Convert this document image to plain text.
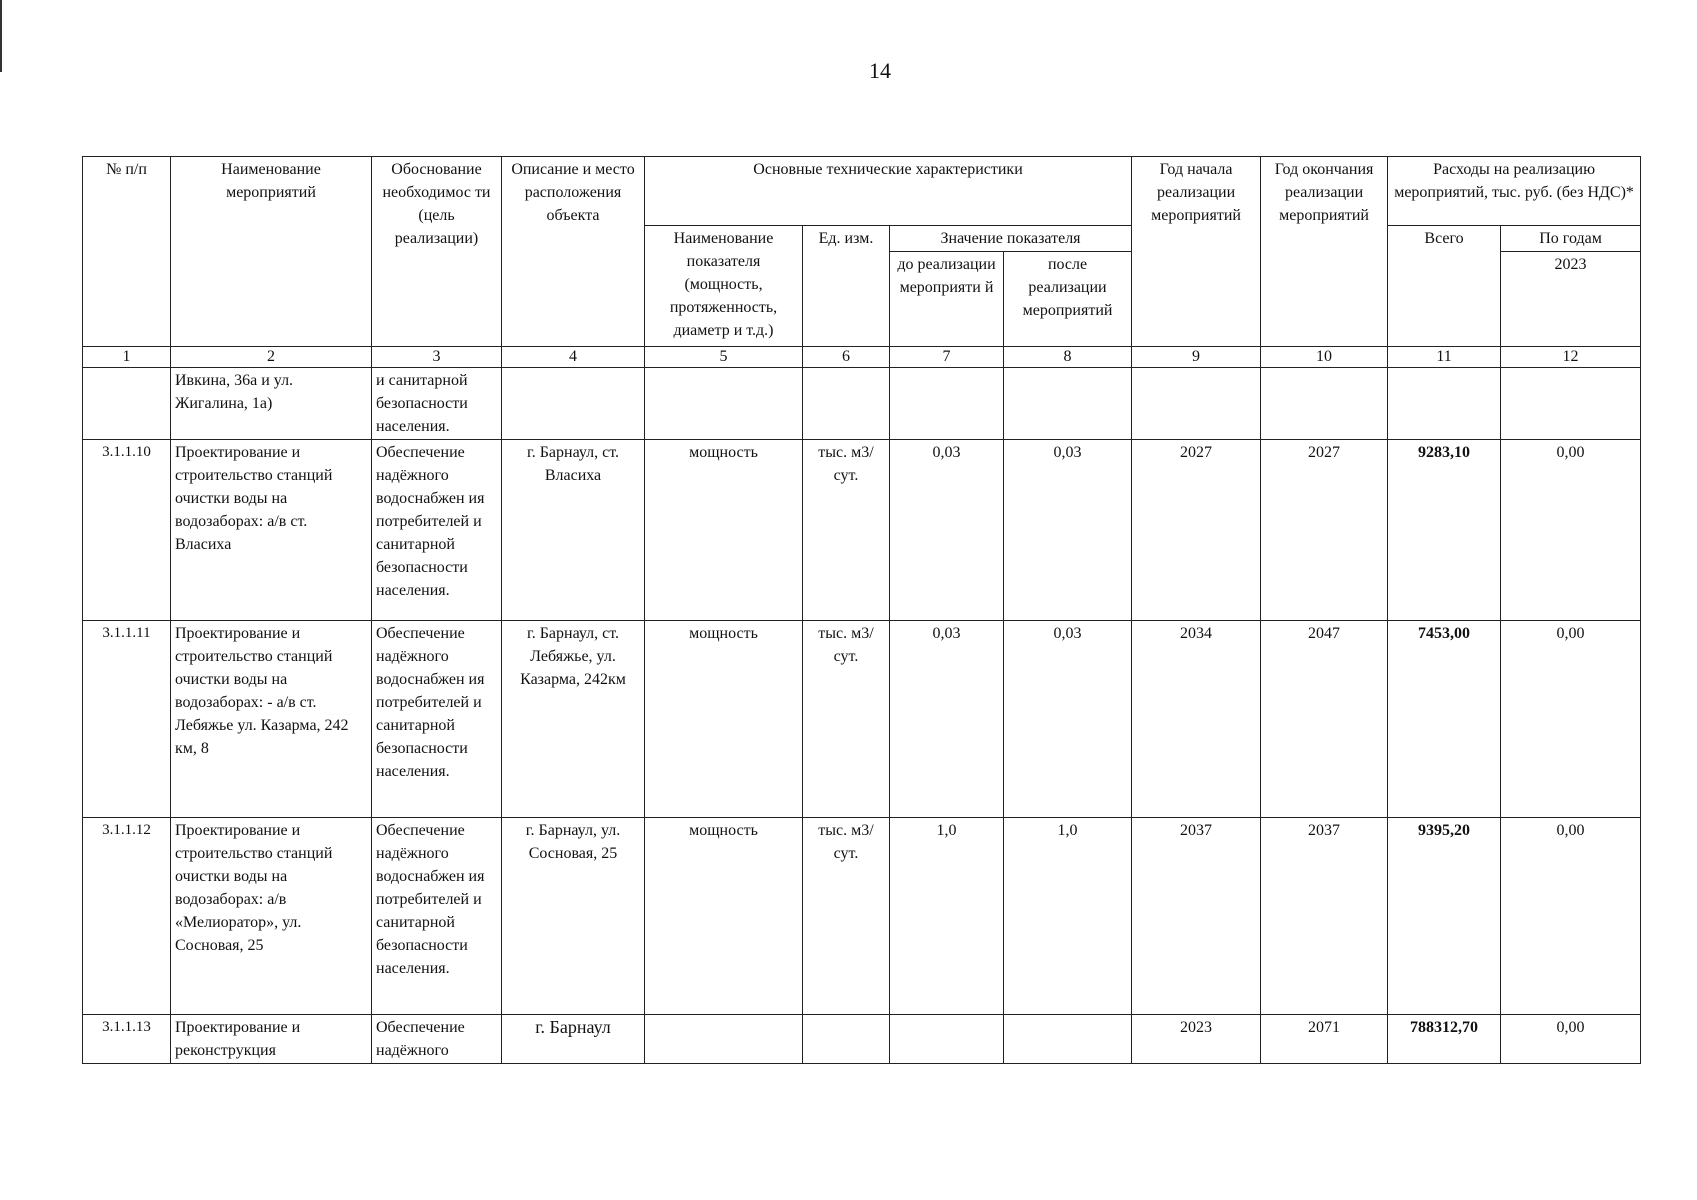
14
№ п/п	Наименование мероприятий	Обоснование необходимос ти (цель реализации)	Описание и место расположения объекта	Основные технические характеристики				Год начала реализации мероприятий	Год окончания реализации мероприятий	Расходы на реализацию мероприятий, тыс. руб. (без НДС)*	
				Наименование показателя (мощность, протяженность, диаметр и т.д.)	Ед. изм.	Значение показателя				Всего	По годам
						до реализации мероприяти й	после реализации мероприятий				2023
1	2	3	4	5	6	7	8	9	10	11	12
	Ивкина, 36а и ул. Жигалина, 1а)	и санитарной безопасности населения.									
3.1.1.10	Проектирование и строительство станций очистки воды на водозаборах: а/в ст. Власиха	Обеспечение надёжного водоснабжен ия потребителей и санитарной безопасности населения.	г. Барнаул, ст. Власиха	мощность	тыс. м3/сут.	0,03	0,03	2027	2027	9283,10	0,00
3.1.1.11	Проектирование и строительство станций очистки воды на водозаборах: - а/в ст. Лебяжье ул. Казарма, 242 км, 8	Обеспечение надёжного водоснабжен ия потребителей и санитарной безопасности населения.	г. Барнаул, ст. Лебяжье, ул. Казарма, 242км	мощность	тыс. м3/сут.	0,03	0,03	2034	2047	7453,00	0,00
3.1.1.12	Проектирование и строительство станций очистки воды на водозаборах: а/в «Мелиоратор», ул. Сосновая, 25	Обеспечение надёжного водоснабжен ия потребителей и санитарной безопасности населения.	г. Барнаул, ул. Сосновая, 25	мощность	тыс. м3/сут.	1,0	1,0	2037	2037	9395,20	0,00
3.1.1.13	Проектирование и реконструкция	Обеспечение надёжного	г. Барнаул					2023	2071	788312,70	0,00
